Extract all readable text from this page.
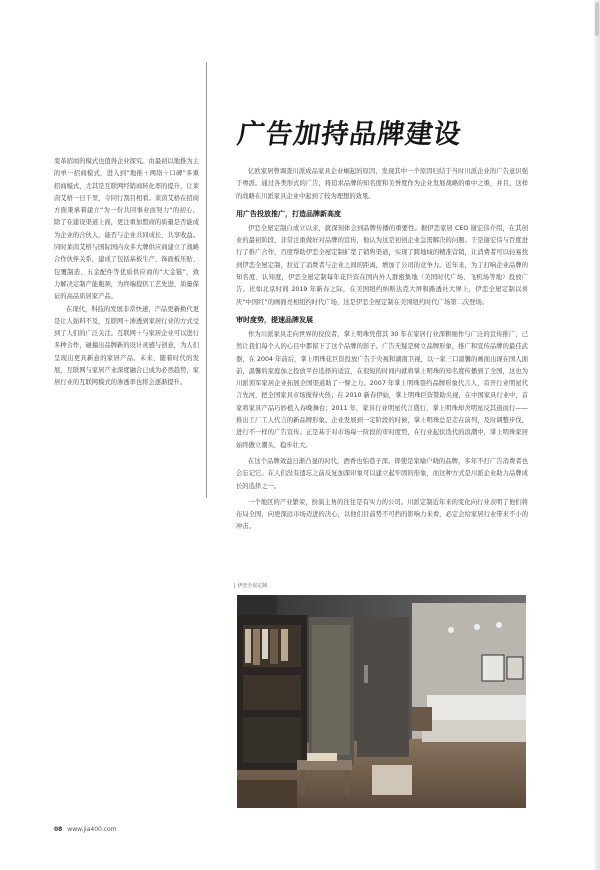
变革招商的模式也值得企业探究。由最初以地推为主的单一招商模式，进入到“地推＋网络＋口碑”多重招商模式，尤其是互联网经销商转化率的提升，让莱茵艾格一日千里，令同行刮目相看。莱茵艾格在招商方面秉承着建立“为一份共同事业而努力”的初心，除了在建设渠道上面，更注重加盟商的质量是否能成为企业的合伙人，能否与企业共同成长、共享收益。同时莱茵艾格与国际国内众多大牌供应商建立了战略合作伙伴关系，建成了包括基板生产、饰面板压贴、包覆制造、五金配件等优质供应商的“大金链”，致力解决定制产能瓶颈，为终端提供工艺先进、质量保证的高品质居家产品。

在现代，科技的发展非常快速，产品更新换代更是让人始料不及，互联网＋渗透到家居行业的方式受到了人们的广泛关注。互联网＋与家居企业可以进行多种合作，碰撞出品牌新的设计灵感与创意，为人们呈现出更具新意的家居产品。未来，随着时代的发展，互联网与家居产业深度融合已成为必然趋势，家居行业的互联网模式的渗透率也将会逐渐提升。

广告加持品牌建设

亿欧家居曾调查川派成品家具企业崛起的原因，发现其中一个原因归结于当时川派企业的广告意识强于粤派。通过各类形式的广告，将追求品牌的知名度和美誉度作为企业发展战略的重中之重，并且，这样的战略在川派家具企业中起到了较为理想的效果。

用广告投放推广，打造品牌新高度

伊恋全屋定制自成立以来，就深刻体会到品牌传播的重要性。据伊恋家居 CEO 谢宏伟介绍，在其创业的最初阶段，非常注重做好对品牌的宣传，他认为这是初创企业急需解决的问题。于是谢宏伟与百度进行了推广合作，百度帮助伊恋全屋定制扩宽了销售渠道，实现了跨地域的精准营销，让消费者可以轻易找到伊恋全屋定制，拉近了消费者与企业之间的距离，增加了公司的竞争力。近年来，为了打响企业品牌的知名度、认知度，伊恋全屋定制每年花巨资在国内外人群密集地（美国时代广场、飞机场等地）投放广告。比如北京时间 2019 年新春之际，在美国纽约纳斯达克大屏和路透社大屏上，伊恋全屋定制以喜庆“中国红”的画面亮相纽约时代广场，这是伊恋全屋定制在美国纽约时代广场第二次登场。

审时度势，提速品牌发展

作为川派家具走向世界的佼佼者，掌上明珠凭借其 30 年在家居行业深耕细作与广泛的宣传推广，已然让我们每个人的心目中都留下了这个品牌的影子。广告无疑是树立品牌形象，推广和宣传品牌的最佳武器，在 2004 年前后，掌上明珠花巨资投放广告于央视和湖南卫视，以一家三口温馨的画面出现在国人面前，温馨的家庭加之投放平台选择的适宜，在很短的时间内就将掌上明珠的知名度传播到了全国，这也为川派领军家居企业拓展全国渠道助了一臂之力。2007 年掌上明珠签约品牌形象代言人，首开行业明星代言先河，把全国家具市场搅得火热；在 2010 新春伊始，掌上明珠巨资赞助央视，在中国家具行业中，首家将家具产品巧妙植入春晚舞台；2011 年，家具行业明星代言盛行，掌上明珠却舍明星反其道而行——推出工厂工人代言的新品牌形象。企业发展到一定阶段的时候，掌上明珠总是走在前列，及时调整步伐，进行不一样的广告宣传。正是基于对市场每一阶段的审时度势，在行业起伏迭代的浪潮中，掌上明珠家居始终傲立潮头，稳步壮大。

在这个品牌效益日渐凸显的时代，酒香也怕巷子深。即使是家喻户晓的品牌，多年不打广告消费者也会忘记它。在人们没有遗忘之前反复加深印象可以建立起牢固的形象，而这种方式是川派企业助力品牌成长的选择之一。

一个地区的产业繁荣，扮演主角的往往是有实力的公司。川派定制近年来的变化向行业表明了他们将布局全国，向更深远市场迈进的决心，以他们目前势不可挡的影响力来看，必定会给家居行业带来不小的冲击。

| 伊恋全屋定制
08 www.jia400.com
